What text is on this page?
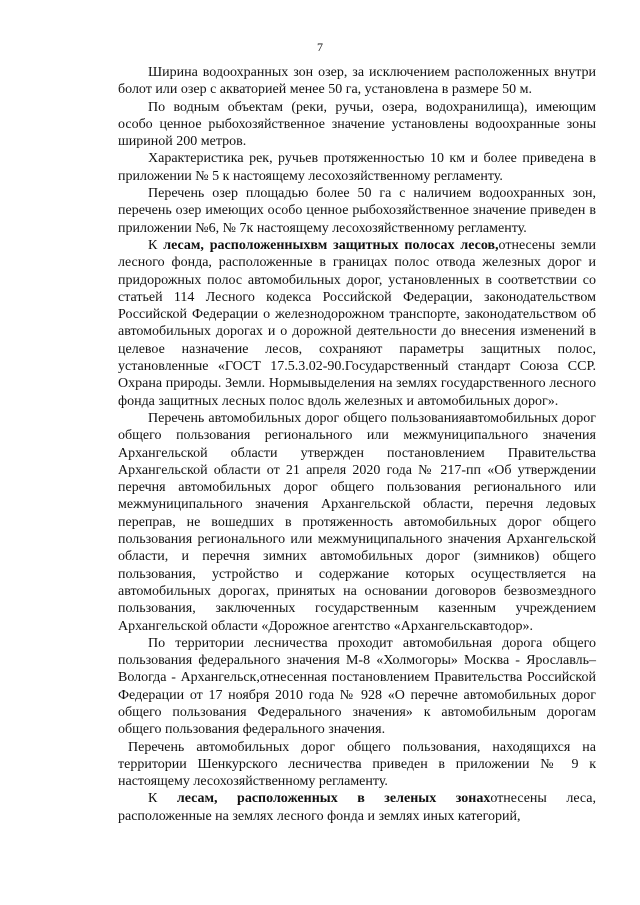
7

Ширина водоохранных зон озер, за исключением расположенных внутри болот или озер с акваторией менее 50 га, установлена в размере 50 м.

По водным объектам (реки, ручьи, озера, водохранилища), имеющим особо ценное рыбохозяйственное значение установлены водоохранные зоны шириной 200 метров.

Характеристика рек, ручьев протяженностью 10 км и более приведена в приложении № 5 к настоящему лесохозяйственному регламенту.

Перечень озер площадью более 50 га с наличием водоохранных зон, перечень озер имеющих особо ценное рыбохозяйственное значение приведен в приложении №6, № 7к настоящему лесохозяйственному регламенту.

К лесам, расположенныхвм защитных полосах лесов,отнесены земли лесного фонда, расположенные в границах полос отвода железных дорог и придорожных полос автомобильных дорог, установленных в соответствии со статьей 114 Лесного кодекса Российской Федерации, законодательством Российской Федерации о железнодорожном транспорте, законодательством об автомобильных дорогах и о дорожной деятельности до внесения изменений в целевое назначение лесов, сохраняют параметры защитных полос, установленные «ГОСТ 17.5.3.02-90.Государственный стандарт Союза ССР. Охрана природы. Земли. Нормывыделения на землях государственного лесного фонда защитных лесных полос вдоль железных и автомобильных дорог».

Перечень автомобильных дорог общего пользованияавтомобильных дорог общего пользования регионального или межмуниципального значения Архангельской области утвержден постановлением Правительства Архангельской области от 21 апреля 2020 года № 217-пп «Об утверждении перечня автомобильных дорог общего пользования регионального или межмуниципального значения Архангельской области, перечня ледовых переправ, не вошедших в протяженность автомобильных дорог общего пользования регионального или межмуниципального значения Архангельской области, и перечня зимних автомобильных дорог (зимников) общего пользования, устройство и содержание которых осуществляется на автомобильных дорогах, принятых на основании договоров безвозмездного пользования, заключенных государственным казенным учреждением Архангельской области «Дорожное агентство «Архангельскавтодор».

По территории лесничества проходит автомобильная дорога общего пользования федерального значения М-8 «Холмогоры» Москва - Ярославль–Вологда - Архангельск,отнесенная постановлением Правительства Российской Федерации от 17 ноября 2010 года № 928 «О перечне автомобильных дорог общего пользования Федерального значения» к автомобильным дорогам общего пользования федерального значения.

Перечень автомобильных дорог общего пользования, находящихся на территории Шенкурского лесничества приведен в приложении № 9 к настоящему лесохозяйственному регламенту.

К лесам, расположенных в зеленых зонахотнесены леса, расположенные на землях лесного фонда и землях иных категорий,
